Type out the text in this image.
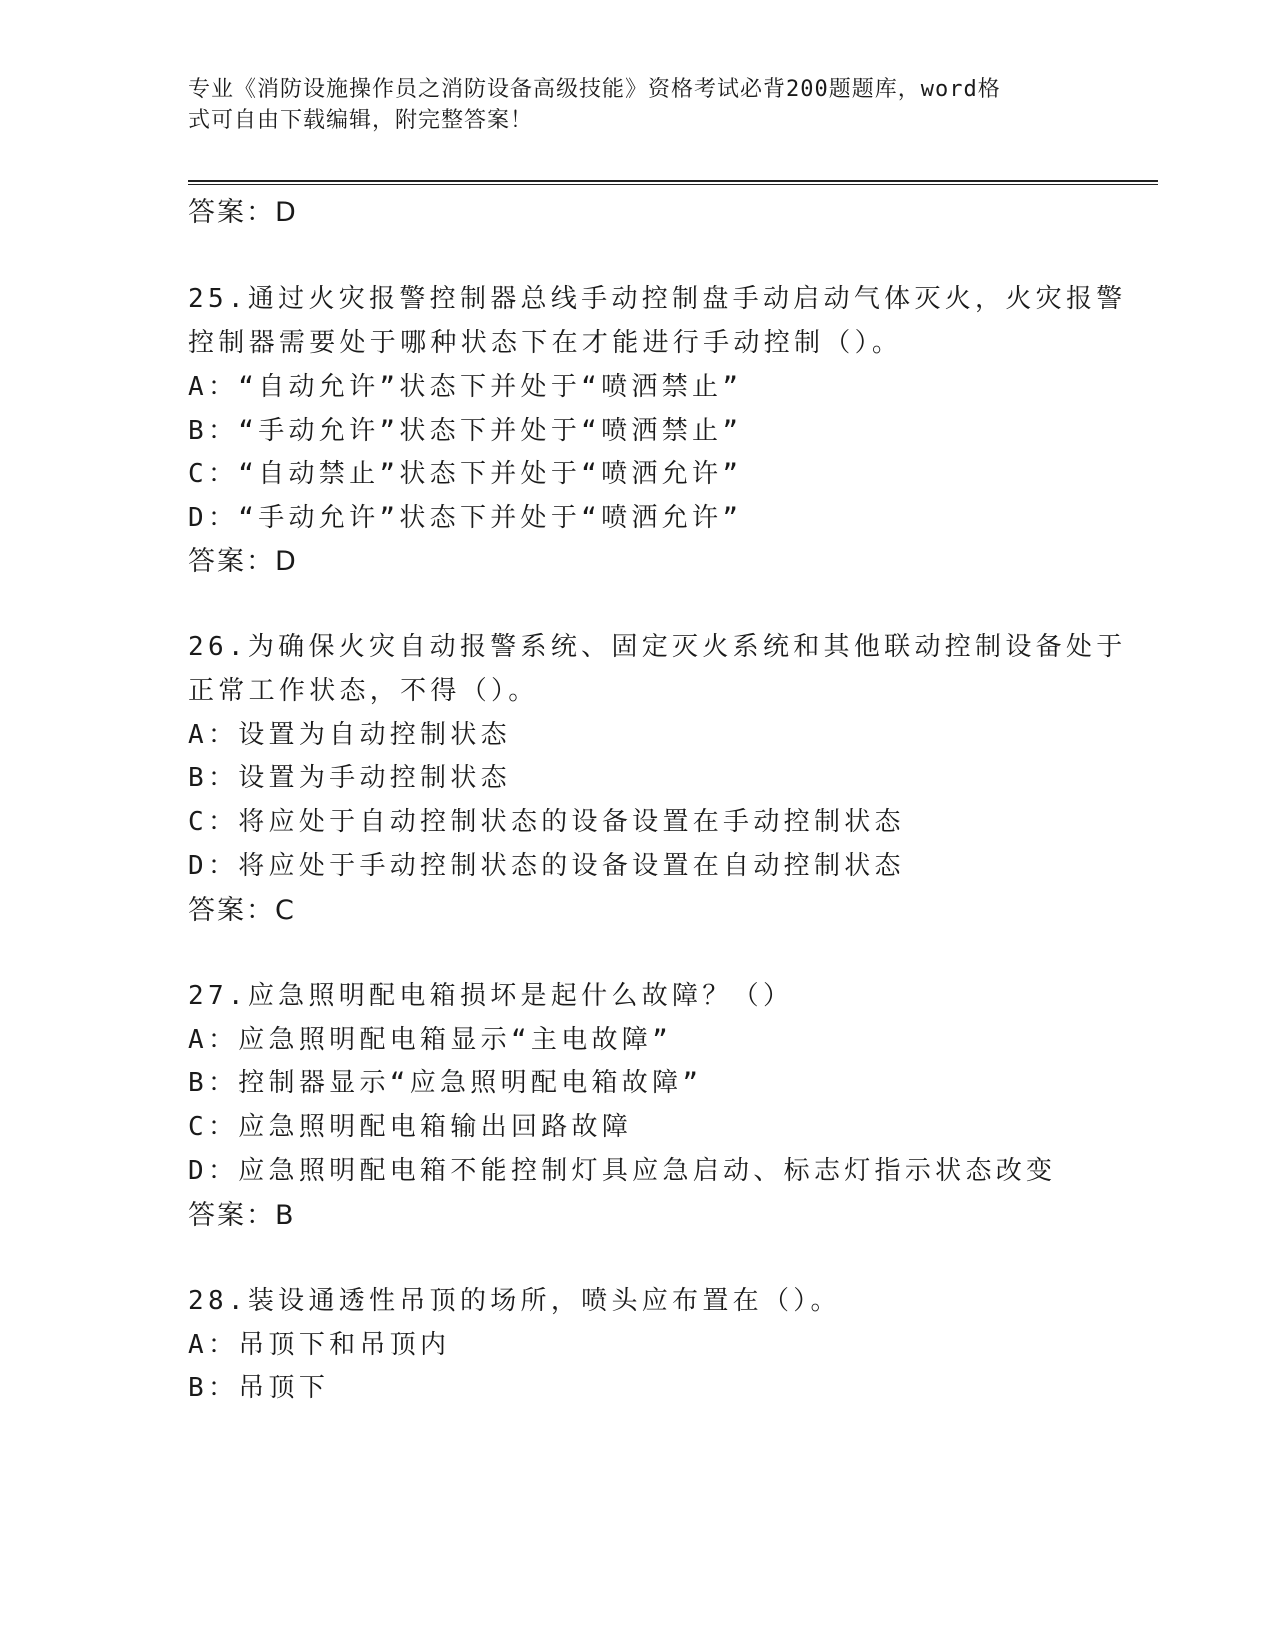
专业《消防设施操作员之消防设备高级技能》资格考试必背200题题库，word格
式可自由下载编辑，附完整答案！
答案：D
25.通过火灾报警控制器总线手动控制盘手动启动气体灭火，火灾报警
控制器需要处于哪种状态下在才能进行手动控制（）。
A：“自动允许”状态下并处于“喷洒禁止”
B：“手动允许”状态下并处于“喷洒禁止”
C：“自动禁止”状态下并处于“喷洒允许”
D：“手动允许”状态下并处于“喷洒允许”
答案：D
26.为确保火灾自动报警系统、固定灭火系统和其他联动控制设备处于
正常工作状态，不得（）。
A：设置为自动控制状态
B：设置为手动控制状态
C：将应处于自动控制状态的设备设置在手动控制状态
D：将应处于手动控制状态的设备设置在自动控制状态
答案：C
27.应急照明配电箱损坏是起什么故障？（）
A：应急照明配电箱显示“主电故障”
B：控制器显示“应急照明配电箱故障”
C：应急照明配电箱输出回路故障
D：应急照明配电箱不能控制灯具应急启动、标志灯指示状态改变
答案：B
28.装设通透性吊顶的场所，喷头应布置在（）。
A：吊顶下和吊顶内
B：吊顶下
